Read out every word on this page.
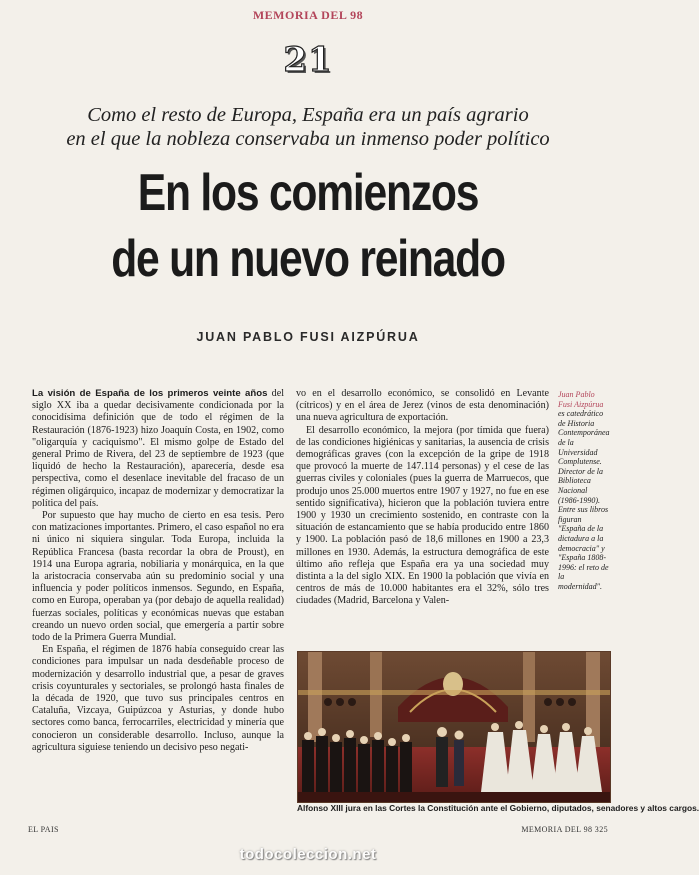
MEMORIA DEL 98
21
Como el resto de Europa, España era un país agrario
en el que la nobleza conservaba un inmenso poder político
En los comienzos
de un nuevo reinado
JUAN PABLO FUSI AIZPÚRUA

La visión de España de los primeros veinte años del siglo XX iba a quedar decisivamente condicionada por la conocidísima definición que de todo el régimen de la Restauración (1876-1923) hizo Joaquín Costa, en 1902, como "oligarquía y caciquismo". El mismo golpe de Estado del general Primo de Rivera, del 23 de septiembre de 1923 (que liquidó de hecho la Restauración), aparecería, desde esa perspectiva, como el desenlace inevitable del fracaso de un régimen oligárquico, incapaz de modernizar y democratizar la política del país.

Por supuesto que hay mucho de cierto en esa tesis. Pero con matizaciones importantes. Primero, el caso español no era ni único ni siquiera singular. Toda Europa, incluida la República Francesa (basta recordar la obra de Proust), en 1914 una Europa agraria, nobiliaria y monárquica, en la que la aristocracia conservaba aún su predominio social y una influencia y poder políticos inmensos. Segundo, en España, como en Europa, operaban ya (por debajo de aquella realidad) fuerzas sociales, políticas y económicas nuevas que estaban creando un nuevo orden social, que emergería a partir sobre todo de la Primera Guerra Mundial.

En España, el régimen de 1876 había conseguido crear las condiciones para impulsar un nada desdeñable proceso de modernización y desarrollo industrial que, a pesar de graves crisis coyunturales y sectoriales, se prolongó hasta finales de la década de 1920, que tuvo sus principales centros en Cataluña, Vizcaya, Guipúzcoa y Asturias, y donde hubo sectores como banca, ferrocarriles, electricidad y minería que conocieron un considerable desarrollo. Incluso, aunque la agricultura siguiese teniendo un decisivo peso negati-

vo en el desarrollo económico, se consolidó en Levante (cítricos) y en el área de Jerez (vinos de esta denominación) una nueva agricultura de exportación.

El desarrollo económico, la mejora (por tímida que fuera) de las condiciones higiénicas y sanitarias, la ausencia de crisis demográficas graves (con la excepción de la gripe de 1918 que provocó la muerte de 147.114 personas) y el cese de las guerras civiles y coloniales (pues la guerra de Marruecos, que produjo unos 25.000 muertos entre 1907 y 1927, no fue en ese sentido significativa), hicieron que la población tuviera entre 1900 y 1930 un crecimiento sostenido, en contraste con la situación de estancamiento que se había producido entre 1860 y 1900. La población pasó de 18,6 millones en 1900 a 23,3 millones en 1930. Además, la estructura demográfica de este último año refleja que España era ya una sociedad muy distinta a la del siglo XIX. En 1900 la población que vivía en centros de más de 10.000 habitantes era el 32%, sólo tres ciudades (Madrid, Barcelona y Valen-

Juan Pablo Fusi Aizpúrua es catedrático de Historia Contemporánea de la Universidad Complutense. Director de la Biblioteca Nacional (1986-1990). Entre sus libros figuran "España de la dictadura a la democracia" y "España 1808-1996: el reto de la modernidad".
Alfonso XIII jura en las Cortes la Constitución ante el Gobierno, diputados, senadores y altos cargos.
EL PAIS	MEMORIA DEL 98 325
todocoleccion.net
